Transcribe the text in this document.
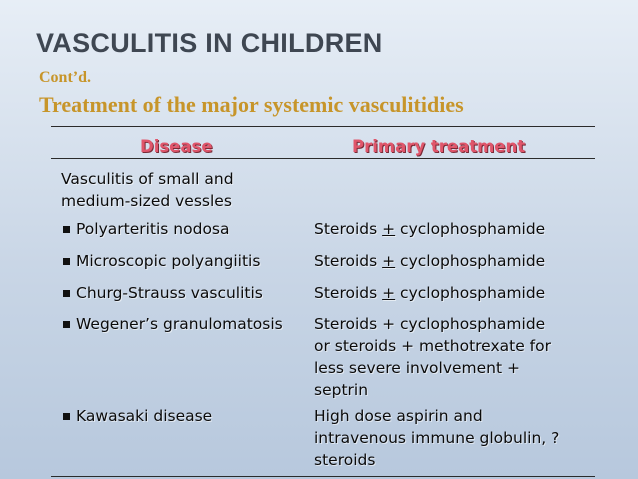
VASCULITIS IN CHILDREN
Cont’d.
Treatment of the major systemic vasculitidies
Disease	Primary treatment
Vasculitis of small and
medium-sized vessles
Polyarteritis nodosa	Steroids + cyclophosphamide
Microscopic polyangiitis	Steroids + cyclophosphamide
Churg-Strauss vasculitis	Steroids + cyclophosphamide
Wegener’s granulomatosis Steroids + cyclophosphamide
or steroids + methotrexate for
less severe involvement +
septrin
Kawasaki disease	High dose aspirin and
intravenous immune globulin, ?
steroids
